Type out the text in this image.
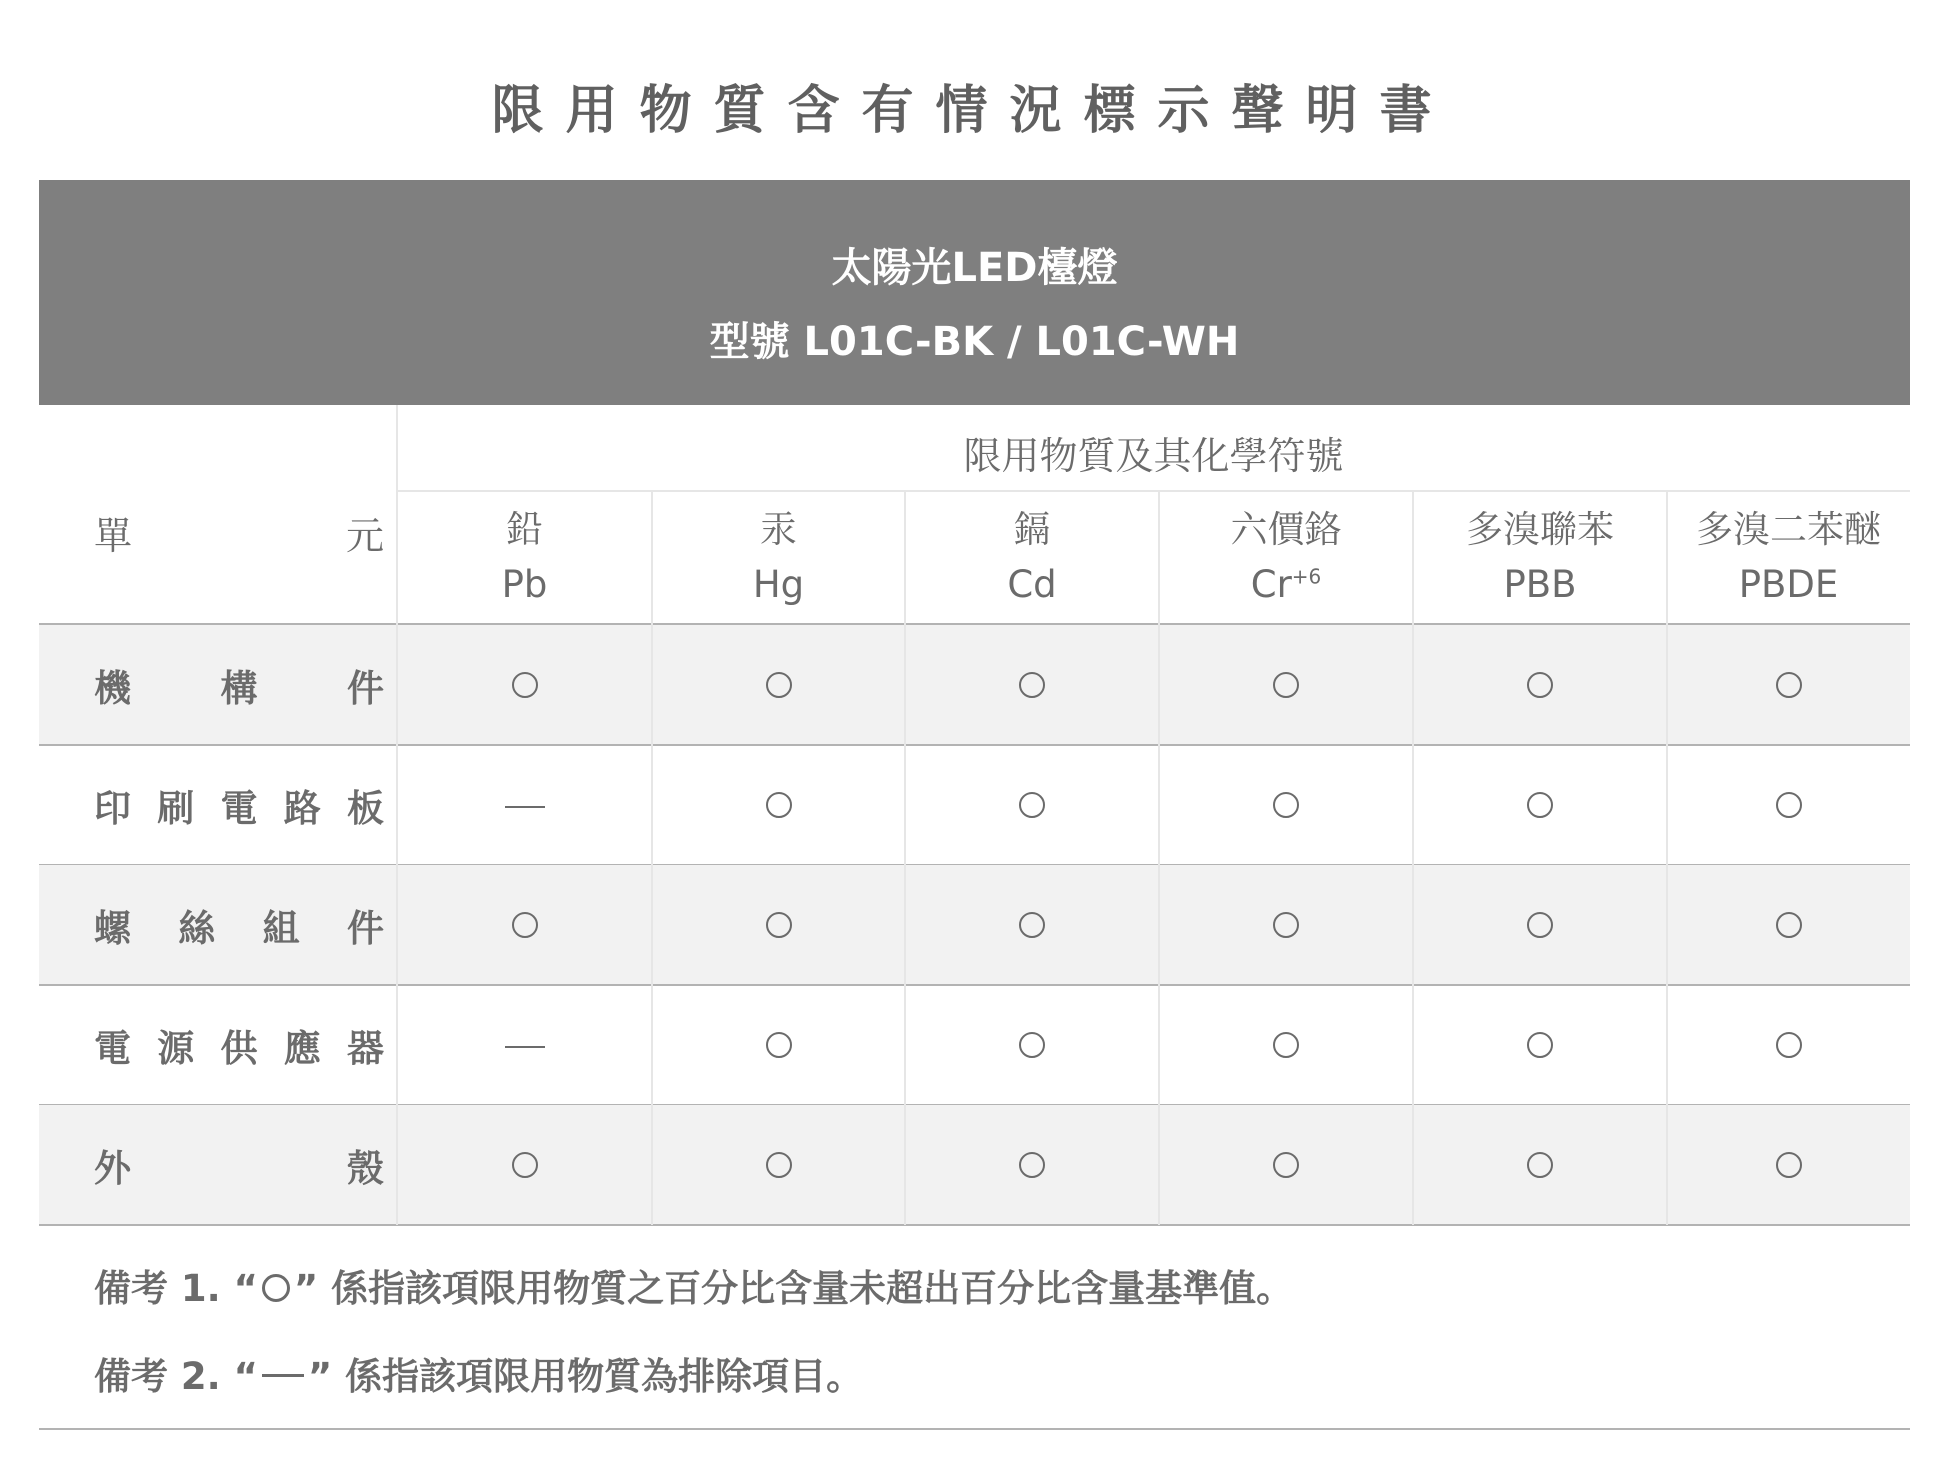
限用物質含有情況標示聲明書
太陽光LED檯燈
型號 L01C-BK / L01C-WH
單	元
限用物質及其化學符號
鉛
Pb
汞
Hg
鎘
Cd
六價鉻
$Cr^{+6}$
多溴聯苯
PBB
多溴二苯醚
PBDE
機 構 件
印 刷 電 路 板
螺 絲 組 件
電 源 供 應 器
外	殼
備考 1. “ ” 係指該項限用物質之百分比含量未超出百分比含量基準值。
備考 2. “ ” 係指該項限用物質為排除項目。
